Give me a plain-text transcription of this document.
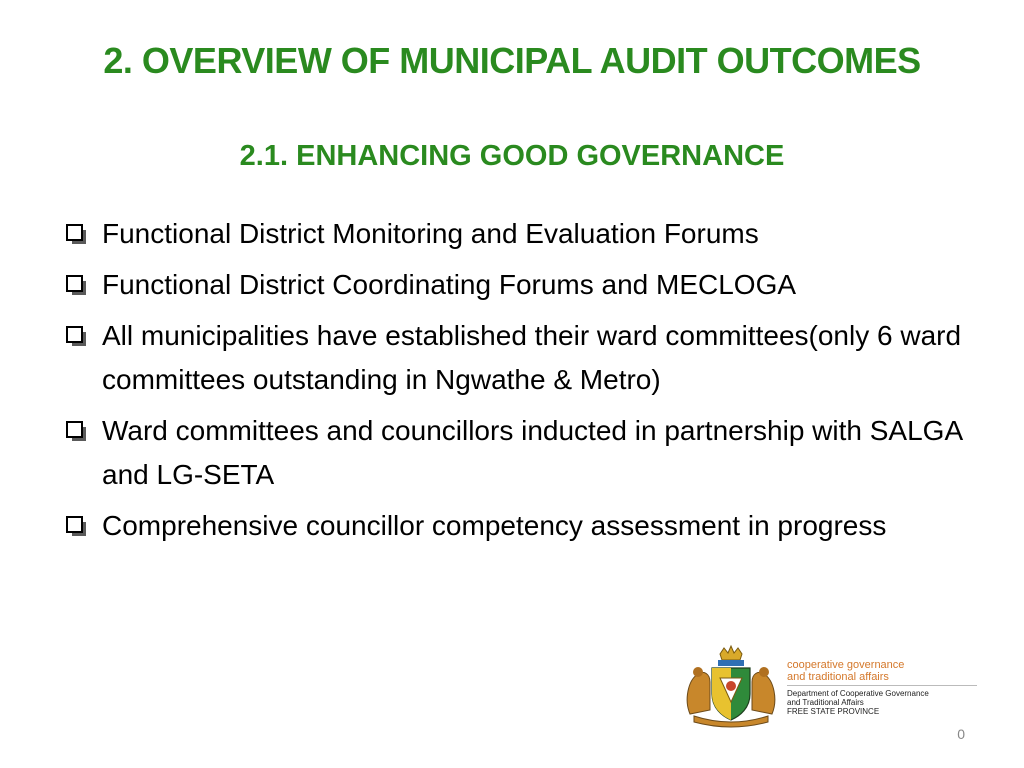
2. OVERVIEW OF MUNICIPAL AUDIT OUTCOMES
2.1. ENHANCING GOOD GOVERNANCE
Functional District Monitoring and Evaluation Forums
Functional District Coordinating Forums and MECLOGA
All municipalities have established their ward committees(only 6 ward committees outstanding in Ngwathe & Metro)
Ward committees and councillors inducted in partnership with SALGA and LG-SETA
Comprehensive councillor competency assessment in progress
cooperative governance
and traditional affairs
Department of Cooperative Governance
and Traditional Affairs
FREE STATE PROVINCE
0
